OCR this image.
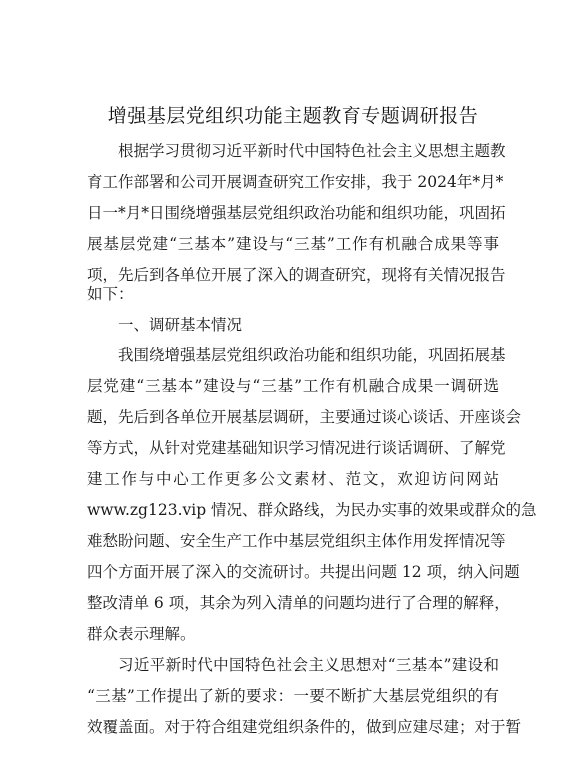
增强基层党组织功能主题教育专题调研报告
根据学习贯彻习近平新时代中国特色社会主义思想主题教
育工作部署和公司开展调查研究工作安排，我于 2024年*月*
日一*月*日围绕增强基层党组织政治功能和组织功能，巩固拓
展基层党建“三基本”建设与“三基”工作有机融合成果等事
项，先后到各单位开展了深入的调查研究，现将有关情况报告
如下：
一、调研基本情况
我围绕增强基层党组织政治功能和组织功能，巩固拓展基
层党建“三基本”建设与“三基”工作有机融合成果一调研选
题，先后到各单位开展基层调研，主要通过谈心谈话、开座谈会
等方式，从针对党建基础知识学习情况进行谈话调研、了解党
建工作与中心工作更多公文素材、范文，欢迎访问网站
www.zg123.vip 情况、群众路线，为民办实事的效果或群众的急
难愁盼问题、安全生产工作中基层党组织主体作用发挥情况等
四个方面开展了深入的交流研讨。共提出问题 12 项，纳入问题
整改清单 6 项，其余为列入清单的问题均进行了合理的解释，
群众表示理解。
习近平新时代中国特色社会主义思想对“三基本”建设和
“三基”工作提出了新的要求：一要不断扩大基层党组织的有
效覆盖面。对于符合组建党组织条件的，做到应建尽建；对于暂
